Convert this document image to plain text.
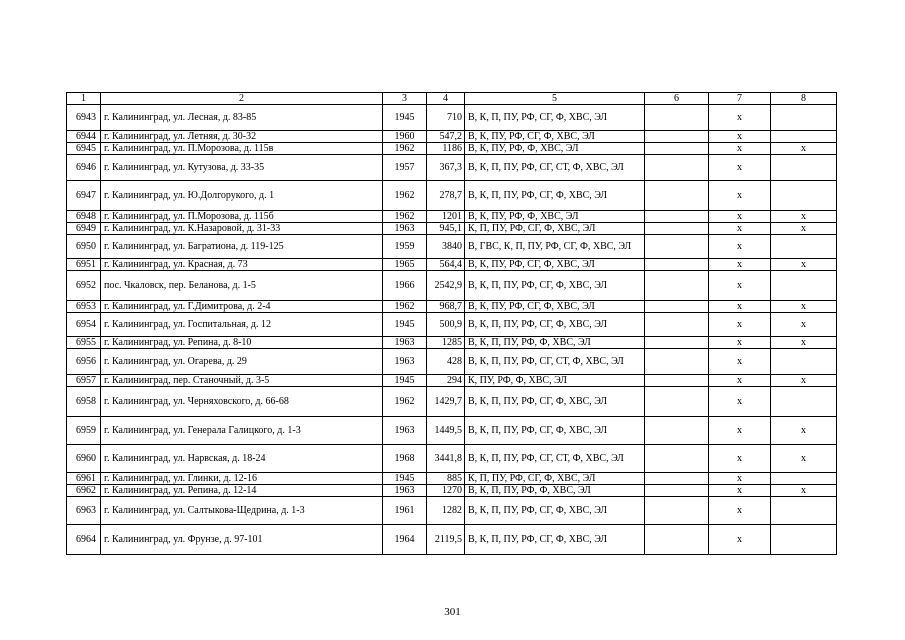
1	2	3	4	5	6	7	8
6943	г. Калининград, ул. Лесная, д. 83-85	1945	710	В, К, П, ПУ, РФ, СГ, Ф, ХВС, ЭЛ		x	
6944	г. Калининград, ул. Летняя, д. 30-32	1960	547,2	В, К, ПУ, РФ, СГ, Ф, ХВС, ЭЛ		x	
6945	г. Калининград, ул. П.Морозова, д. 115в	1962	1186	В, К, ПУ, РФ, Ф, ХВС, ЭЛ		x	x
6946	г. Калининград, ул. Кутузова, д. 33-35	1957	367,3	В, К, П, ПУ, РФ, СГ, СТ, Ф, ХВС, ЭЛ		x	
6947	г. Калининград, ул. Ю.Долгорукого, д. 1	1962	278,7	В, К, П, ПУ, РФ, СГ, Ф, ХВС, ЭЛ		x	
6948	г. Калининград, ул. П.Морозова, д. 115б	1962	1201	В, К, ПУ, РФ, Ф, ХВС, ЭЛ		x	x
6949	г. Калининград, ул. К.Назаровой, д. 31-33	1963	945,1	К, П, ПУ, РФ, СГ, Ф, ХВС, ЭЛ		x	x
6950	г. Калининград, ул. Багратиона, д. 119-125	1959	3840	В, ГВС, К, П, ПУ, РФ, СГ, Ф, ХВС, ЭЛ		x	
6951	г. Калининград, ул. Красная, д. 73	1965	564,4	В, К, ПУ, РФ, СГ, Ф, ХВС, ЭЛ		x	x
6952	пос. Чкаловск, пер. Беланова, д. 1-5	1966	2542,9	В, К, П, ПУ, РФ, СГ, Ф, ХВС, ЭЛ		x	
6953	г. Калининград, ул. Г.Димитрова, д. 2-4	1962	968,7	В, К, ПУ, РФ, СГ, Ф, ХВС, ЭЛ		x	x
6954	г. Калининград, ул. Госпитальная, д. 12	1945	500,9	В, К, П, ПУ, РФ, СГ, Ф, ХВС, ЭЛ		x	x
6955	г. Калининград, ул. Репина, д. 8-10	1963	1285	В, К, П, ПУ, РФ, Ф, ХВС, ЭЛ		x	x
6956	г. Калининград, ул. Огарева, д. 29	1963	428	В, К, П, ПУ, РФ, СГ, СТ, Ф, ХВС, ЭЛ		x	
6957	г. Калининград, пер. Станочный, д. 3-5	1945	294	К, ПУ, РФ, Ф, ХВС, ЭЛ		x	x
6958	г. Калининград, ул. Черняховского, д. 66-68	1962	1429,7	В, К, П, ПУ, РФ, СГ, Ф, ХВС, ЭЛ		x	
6959	г. Калининград, ул. Генерала Галицкого, д. 1-3	1963	1449,5	В, К, П, ПУ, РФ, СГ, Ф, ХВС, ЭЛ		x	x
6960	г. Калининград, ул. Нарвская, д. 18-24	1968	3441,8	В, К, П, ПУ, РФ, СГ, СТ, Ф, ХВС, ЭЛ		x	x
6961	г. Калининград, ул. Глинки, д. 12-16	1945	885	К, П, ПУ, РФ, СГ, Ф, ХВС, ЭЛ		x	
6962	г. Калининград, ул. Репина, д. 12-14	1963	1270	В, К, П, ПУ, РФ, Ф, ХВС, ЭЛ		x	x
6963	г. Калининград, ул. Салтыкова-Щедрина, д. 1-3	1961	1282	В, К, П, ПУ, РФ, СГ, Ф, ХВС, ЭЛ		x	
6964	г. Калининград, ул. Фрунзе, д. 97-101	1964	2119,5	В, К, П, ПУ, РФ, СГ, Ф, ХВС, ЭЛ		x	
301
